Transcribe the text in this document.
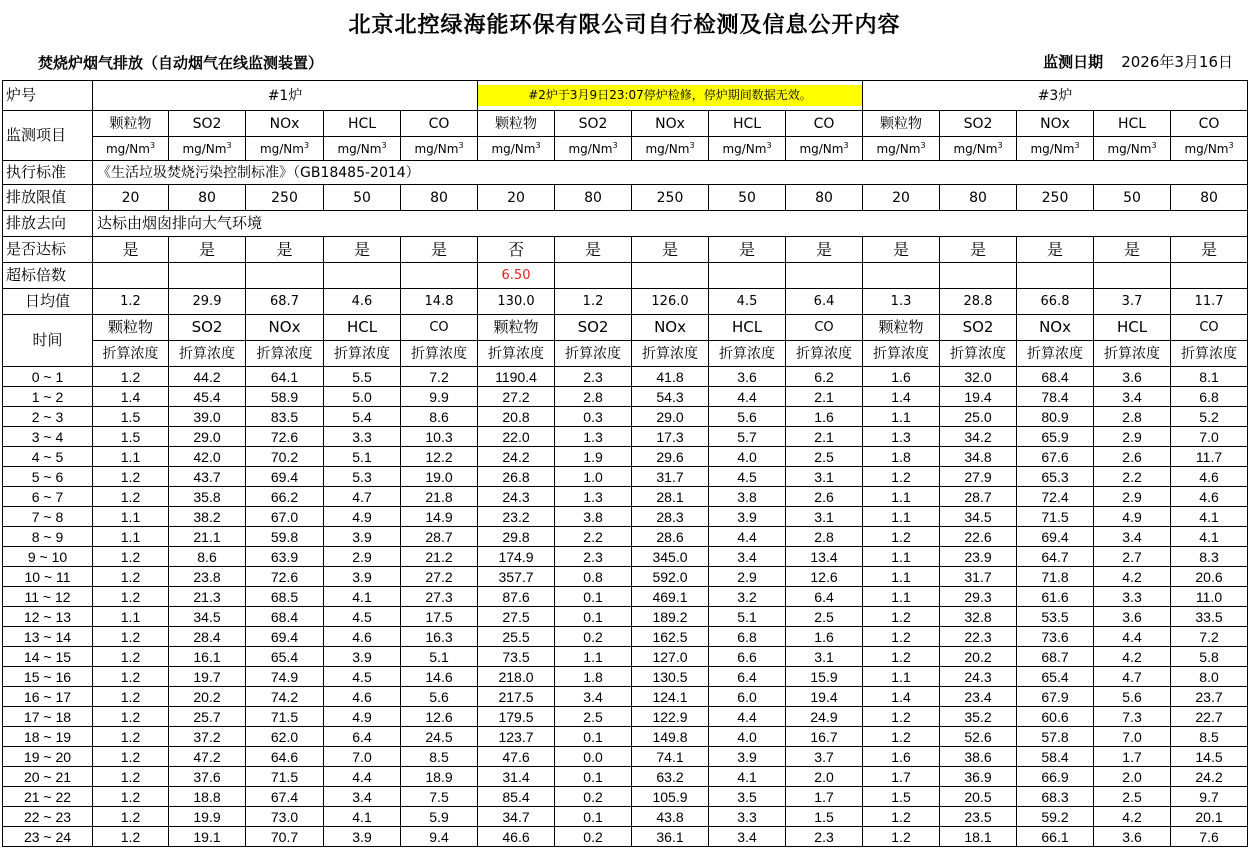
北京北控绿海能环保有限公司自行检测及信息公开内容
焚烧炉烟气排放（自动烟气在线监测装置）	监测日期 2026年3月16日
炉号	#1炉					#2炉于3月9日23:07停炉检修，停炉期间数据无效。					#3炉				
监测项目	颗粒物	SO2	NOx	HCL	CO	颗粒物	SO2	NOx	HCL	CO	颗粒物	SO2	NOx	HCL	CO
	mg/Nm$^3$	mg/Nm$^3$	mg/Nm$^3$	mg/Nm$^3$	mg/Nm$^3$	mg/Nm$^3$	mg/Nm$^3$	mg/Nm$^3$	mg/Nm$^3$	mg/Nm$^3$	mg/Nm$^3$	mg/Nm$^3$	mg/Nm$^3$	mg/Nm$^3$	mg/Nm$^3$
执行标准	《生活垃圾焚烧污染控制标准》（GB18485-2014）														
排放限值	20	80	250	50	80	20	80	250	50	80	20	80	250	50	80
排放去向	达标由烟囱排向大气环境														
是否达标	是	是	是	是	是	否	是	是	是	是	是	是	是	是	是
超标倍数						6.50									
日均值	1.2	29.9	68.7	4.6	14.8	130.0	1.2	126.0	4.5	6.4	1.3	28.8	66.8	3.7	11.7
时间	颗粒物	SO2	NOx	HCL	CO	颗粒物	SO2	NOx	HCL	CO	颗粒物	SO2	NOx	HCL	CO
	折算浓度	折算浓度	折算浓度	折算浓度	折算浓度	折算浓度	折算浓度	折算浓度	折算浓度	折算浓度	折算浓度	折算浓度	折算浓度	折算浓度	折算浓度
0 ~ 1	1.2	44.2	64.1	5.5	7.2	1190.4	2.3	41.8	3.6	6.2	1.6	32.0	68.4	3.6	8.1
1 ~ 2	1.4	45.4	58.9	5.0	9.9	27.2	2.8	54.3	4.4	2.1	1.4	19.4	78.4	3.4	6.8
2 ~ 3	1.5	39.0	83.5	5.4	8.6	20.8	0.3	29.0	5.6	1.6	1.1	25.0	80.9	2.8	5.2
3 ~ 4	1.5	29.0	72.6	3.3	10.3	22.0	1.3	17.3	5.7	2.1	1.3	34.2	65.9	2.9	7.0
4 ~ 5	1.1	42.0	70.2	5.1	12.2	24.2	1.9	29.6	4.0	2.5	1.8	34.8	67.6	2.6	11.7
5 ~ 6	1.2	43.7	69.4	5.3	19.0	26.8	1.0	31.7	4.5	3.1	1.2	27.9	65.3	2.2	4.6
6 ~ 7	1.2	35.8	66.2	4.7	21.8	24.3	1.3	28.1	3.8	2.6	1.1	28.7	72.4	2.9	4.6
7 ~ 8	1.1	38.2	67.0	4.9	14.9	23.2	3.8	28.3	3.9	3.1	1.1	34.5	71.5	4.9	4.1
8 ~ 9	1.1	21.1	59.8	3.9	28.7	29.8	2.2	28.6	4.4	2.8	1.2	22.6	69.4	3.4	4.1
9 ~ 10	1.2	8.6	63.9	2.9	21.2	174.9	2.3	345.0	3.4	13.4	1.1	23.9	64.7	2.7	8.3
10 ~ 11	1.2	23.8	72.6	3.9	27.2	357.7	0.8	592.0	2.9	12.6	1.1	31.7	71.8	4.2	20.6
11 ~ 12	1.2	21.3	68.5	4.1	27.3	87.6	0.1	469.1	3.2	6.4	1.1	29.3	61.6	3.3	11.0
12 ~ 13	1.1	34.5	68.4	4.5	17.5	27.5	0.1	189.2	5.1	2.5	1.2	32.8	53.5	3.6	33.5
13 ~ 14	1.2	28.4	69.4	4.6	16.3	25.5	0.2	162.5	6.8	1.6	1.2	22.3	73.6	4.4	7.2
14 ~ 15	1.2	16.1	65.4	3.9	5.1	73.5	1.1	127.0	6.6	3.1	1.2	20.2	68.7	4.2	5.8
15 ~ 16	1.2	19.7	74.9	4.5	14.6	218.0	1.8	130.5	6.4	15.9	1.1	24.3	65.4	4.7	8.0
16 ~ 17	1.2	20.2	74.2	4.6	5.6	217.5	3.4	124.1	6.0	19.4	1.4	23.4	67.9	5.6	23.7
17 ~ 18	1.2	25.7	71.5	4.9	12.6	179.5	2.5	122.9	4.4	24.9	1.2	35.2	60.6	7.3	22.7
18 ~ 19	1.2	37.2	62.0	6.4	24.5	123.7	0.1	149.8	4.0	16.7	1.2	52.6	57.8	7.0	8.5
19 ~ 20	1.2	47.2	64.6	7.0	8.5	47.6	0.0	74.1	3.9	3.7	1.6	38.6	58.4	1.7	14.5
20 ~ 21	1.2	37.6	71.5	4.4	18.9	31.4	0.1	63.2	4.1	2.0	1.7	36.9	66.9	2.0	24.2
21 ~ 22	1.2	18.8	67.4	3.4	7.5	85.4	0.2	105.9	3.5	1.7	1.5	20.5	68.3	2.5	9.7
22 ~ 23	1.2	19.9	73.0	4.1	5.9	34.7	0.1	43.8	3.3	1.5	1.2	23.5	59.2	4.2	20.1
23 ~ 24	1.2	19.1	70.7	3.9	9.4	46.6	0.2	36.1	3.4	2.3	1.2	18.1	66.1	3.6	7.6
